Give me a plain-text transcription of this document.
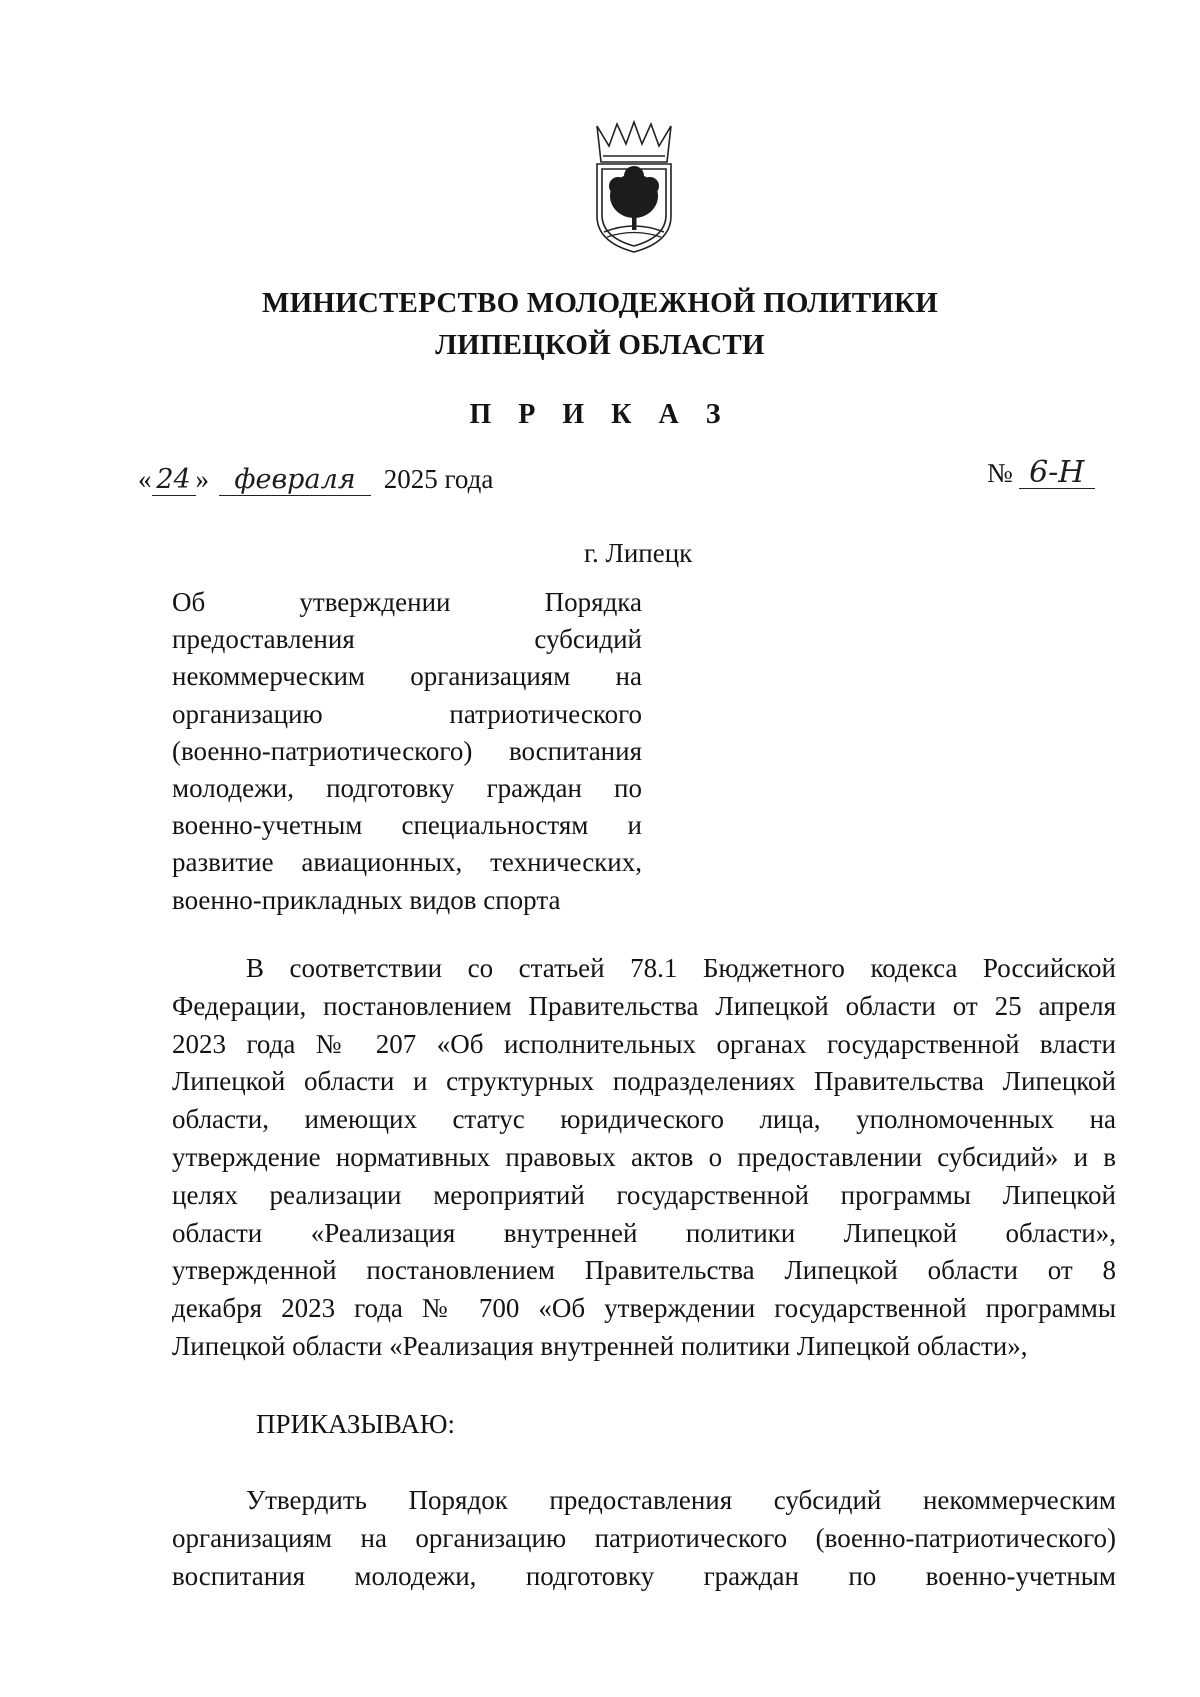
МИНИСТЕРСТВО МОЛОДЕЖНОЙ ПОЛИТИКИ
ЛИПЕЦКОЙ ОБЛАСТИ
П Р И К А З
« 24 » февраля 2025 года	№ 6-Н
г. Липецк
Об утверждении Порядка
предоставления субсидий
некоммерческим организациям на
организацию патриотического
(военно-патриотического) воспитания
молодежи, подготовку граждан по
военно-учетным специальностям и
развитие авиационных, технических,
военно-прикладных видов спорта
В соответствии со статьей 78.1 Бюджетного кодекса Российской
Федерации, постановлением Правительства Липецкой области от 25 апреля
2023 года № 207 «Об исполнительных органах государственной власти
Липецкой области и структурных подразделениях Правительства Липецкой
области, имеющих статус юридического лица, уполномоченных на
утверждение нормативных правовых актов о предоставлении субсидий» и в
целях реализации мероприятий государственной программы Липецкой
области «Реализация внутренней политики Липецкой области»,
утвержденной постановлением Правительства Липецкой области от 8
декабря 2023 года № 700 «Об утверждении государственной программы
Липецкой области «Реализация внутренней политики Липецкой области»,
ПРИКАЗЫВАЮ:
Утвердить Порядок предоставления субсидий некоммерческим
организациям на организацию патриотического (военно-патриотического)
воспитания молодежи, подготовку граждан по военно-учетным
